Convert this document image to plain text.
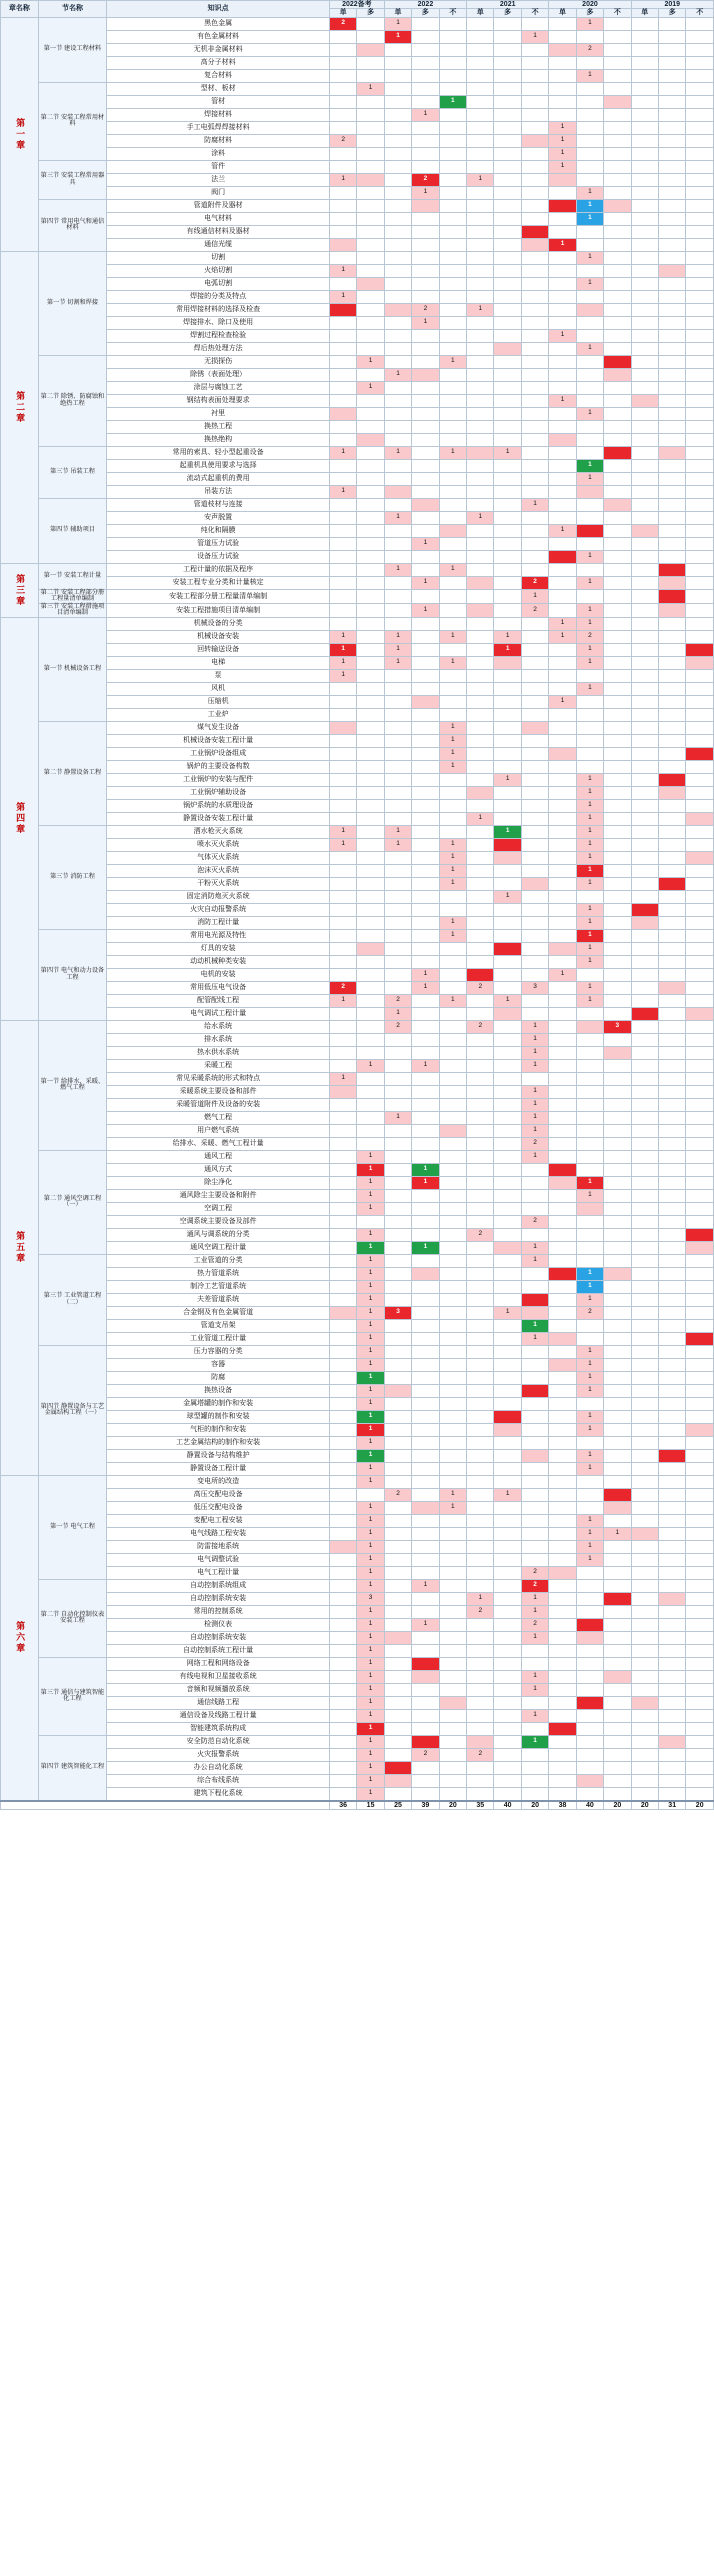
章名称	节名称	知识点	2022备考		2022			2021			2020			2019		
			单	多	单	多	不	单	多	不	单	多	不	单	多	不
第一章	第一节 建设工程材料	黑色金属	2		1							1				
		有色金属材料			1					1						
		无机非金属材料										2				
		高分子材料														
		复合材料										1				
	第二节 安装工程常用材料	型材、板材		1												
		管材					1									
		焊接材料				1										
		手工电弧焊焊接材料									1					
		防腐材料	2								1					
		涂料									1					
	第三节 安装工程常用器具	管件									1					
		法兰	1			2		1								
		阀门				1						1				
	第四节 常用电气和通信材料	管道附件及器材										1				
		电气材料										1				
		有线通信材料及器材														
		通信光缆									1					
第二章	第一节 切割和焊接	切割										1				
		火焰切割	1													
		电弧切割										1				
		焊接的分类及特点	1													
		常用焊接材料的选择及检查				2		1								
		焊接排水、除口及使用				1										
		焊割过程检查检验									1					
		焊后热处理方法										1				
	第二节 除锈、防腐蚀和绝热工程	无损探伤		1			1									
		除锈（表面处理）			1											
		涂层与腐蚀工艺		1												
		钢结构表面处理要求									1					
		衬里										1				
		换热工程														
		换热绝构														
	第三节 吊装工程	常用的索具、轻小型起重设备	1		1		1		1							
		起重机具使用要求与选择										1				
		流动式起重机的费用										1				
		吊装方法	1													
	第四节 辅助项目	管道枝材与连接								1						
		安声脱置			1			1								
		纯化和隔膜									1					
		管道压力试验				1										
		设备压力试验										1				
第三章	第一节 安装工程计量	工程计量的依据及程序			1		1									
		安装工程专业分类和计量核定				1				2		1				
	第二节 安装工程部分册工程量清单编制	安装工程部分册工程量清单编制								1						
	第三节 安装工程措施项目清单编制	安装工程措施项目清单编制				1				2		1				
第四章	第一节 机械设备工程	机械设备的分类									1	1				
		机械设备安装	1		1		1		1		1	2				
		回转输送设备	1		1				1			1				
		电梯	1		1		1					1				
		泵	1													
		风机										1				
		压缩机									1					
		工业炉														
	第二节 静置设备工程	煤气发生设备					1									
		机械设备安装工程计量					1									
		工业锅炉设备组成					1									
		锅炉的主要设备构数					1									
		工业锅炉的安装与配件							1			1				
		工业锅炉辅助设备										1				
		锅炉系统的水质理设备										1				
		静置设备安装工程计量						1				1				
	第三节 消防工程	洒水枪灭火系统	1		1				1			1				
		喷水灭火系统	1		1		1					1				
		气体灭火系统					1					1				
		泡沫灭火系统					1					1				
		干粉灭火系统					1					1				
		固定消防炮灭火系统							1							
		火灾自动报警系统										1				
		消防工程计量					1					1				
	第四节 电气和动力设备工程	常用电光源及特性					1					1				
		灯具的安装										1				
		动动机械种类安装										1				
		电机的安装				1					1					
		常用低压电气设备	2			1		2		3		1				
		配管配线工程	1		2		1		1			1				
		电气调试工程计量			1											
第五章	第一节 给排水、采暖、燃气工程	给水系统			2			2		1			3			
		排水系统								1						
		热水供水系统								1						
		采暖工程		1		1				1						
		常见采暖系统的形式和特点	1													
		采暖系统主要设备和部件								1						
		采暖管道附件及设备的安装								1						
		燃气工程			1					1						
		用户燃气系统								1						
		给排水、采暖、燃气工程计量								2						
	第二节 通风空调工程（一）	通风工程		1						1						
		通风方式		1		1										
		除尘净化		1		1						1				
		通风除尘主要设备和附件		1								1				
		空调工程		1												
		空调系统主要设备及部件								2						
		通风与调系统的分类		1				2								
		通风空调工程计量		1		1				1						
	第三节 工业管道工程（二）	工业管道的分类		1						1						
		热力管道系统		1								1				
		制冷工艺管道系统		1								1				
		夫差管道系统		1								1				
		合金钢及有色金属管道		1	3				1			2				
		管道支吊架		1						1						
		工业管道工程计量		1						1						
	第四节 静置设备与工艺金属结构工程（一）	压力容器的分类		1								1				
		容器		1								1				
		防腐		1								1				
		换热设备		1								1				
		金属塔罐的制作和安装		1												
		球型罐的制作和安装		1								1				
		气柜的制作和安装		1								1				
		工艺金属结构的制作和安装		1												
		静置设备与结构维护		1								1				
		静置设备工程计量		1								1				
第六章	第一节 电气工程	变电所的改造		1												
		高压交配电设备			2		1		1							
		低压交配电设备		1			1									
		变配电工程安装		1								1				
		电气线路工程安装		1								1	1			
		防雷接地系统		1								1				
		电气调整试验		1								1				
		电气工程计量		1						2						
	第二节 自动化控制仪表安装工程	自动控制系统组成		1		1				2						
		自动控制系统安装		3				1		1						
		常用的控制系统		1				2		1						
		检测仪表		1		1				2						
		自动控制系统安装		1						1						
		自动控制系统工程计量		1												
	第三节 通信与建筑智能化工程	网络工程和网络设备		1												
		有线电视和卫星接收系统		1						1						
		音频和视频播放系统		1						1						
		通信线路工程		1												
		通信设备及线路工程计量		1						1						
		智能建筑系统构成		1												
	第四节 建筑智能化工程	安全防范自动化系统		1						1						
		火灾报警系统		1		2		2								
		办公自动化系统		1												
		综合布线系统		1												
		建筑下程化系统		1												
			36	15	25	39	20	35	40	20	38	40	20	20	31	20
